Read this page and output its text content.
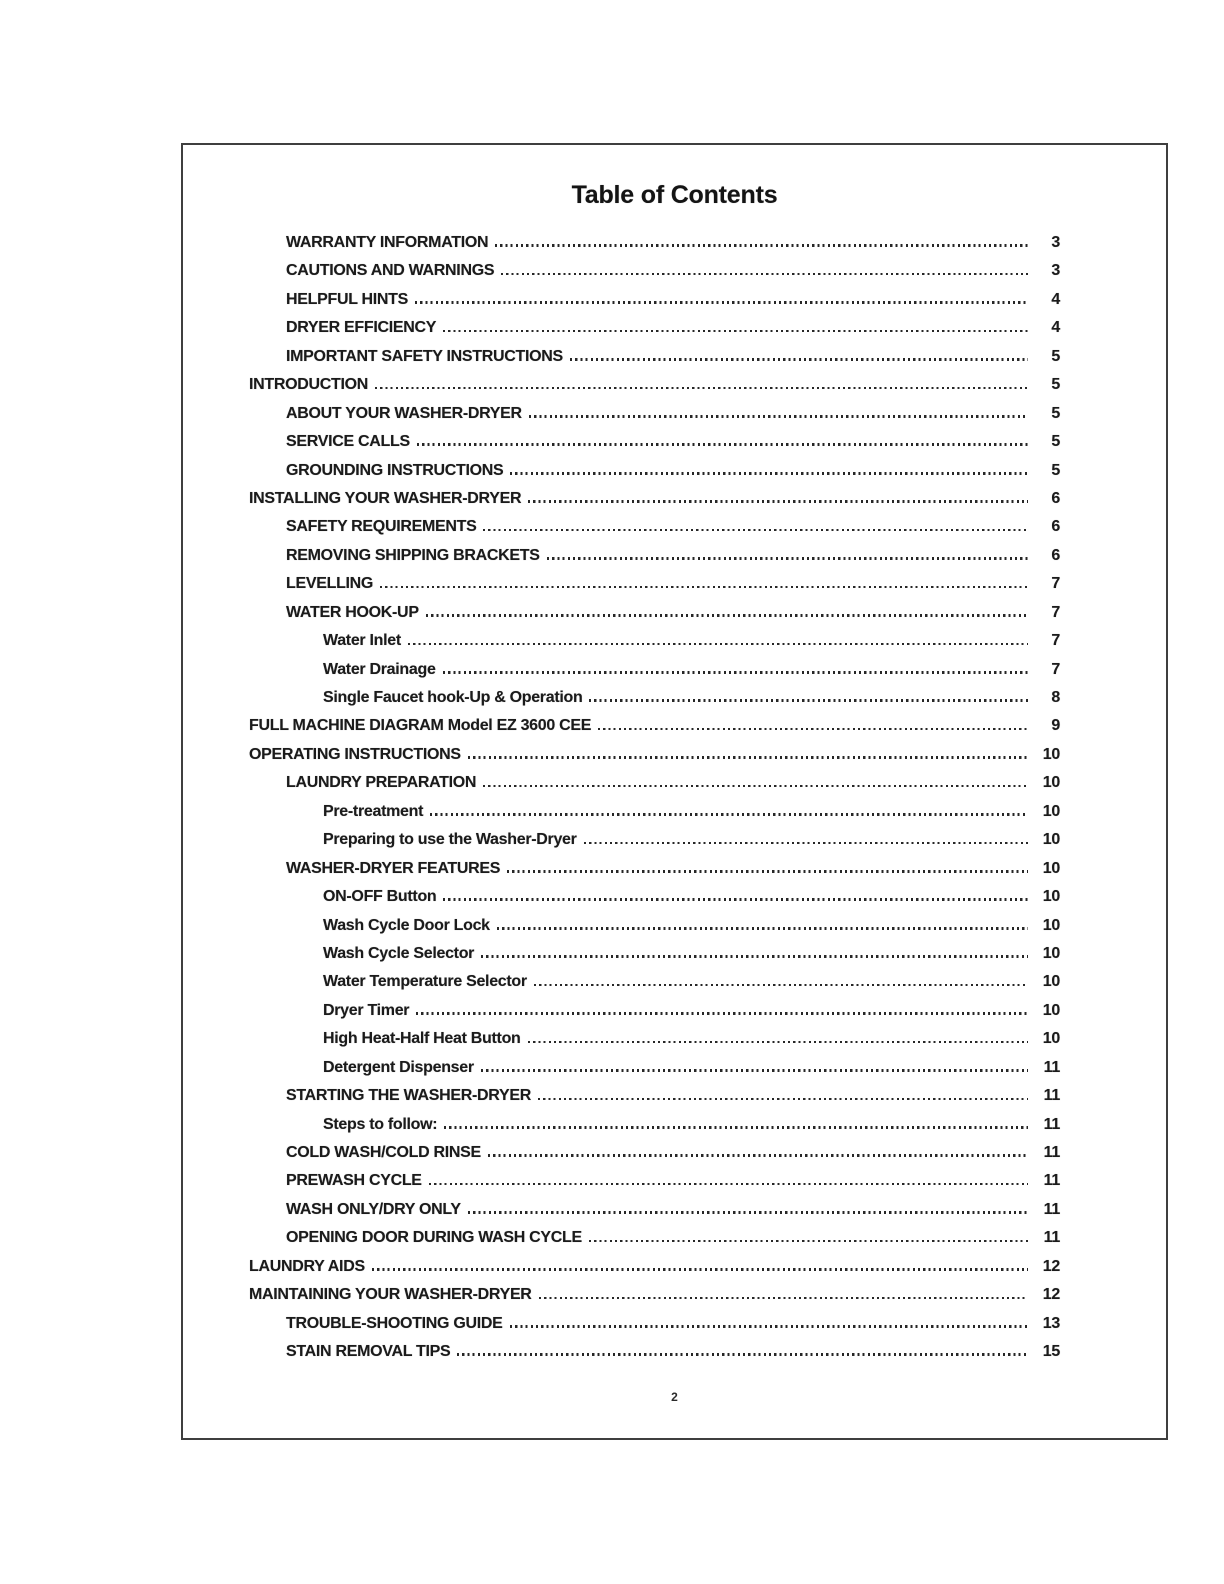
Table of Contents
WARRANTY INFORMATION	3
CAUTIONS AND WARNINGS	3
HELPFUL HINTS	4
DRYER EFFICIENCY	4
IMPORTANT SAFETY INSTRUCTIONS	5
INTRODUCTION	5
ABOUT YOUR WASHER-DRYER	5
SERVICE CALLS	5
GROUNDING INSTRUCTIONS	5
INSTALLING YOUR WASHER-DRYER	6
SAFETY REQUIREMENTS	6
REMOVING SHIPPING BRACKETS	6
LEVELLING	7
WATER HOOK-UP	7
Water Inlet	7
Water Drainage	7
Single Faucet hook-Up & Operation	8
FULL MACHINE DIAGRAM Model EZ 3600 CEE	9
OPERATING INSTRUCTIONS	10
LAUNDRY PREPARATION	10
Pre-treatment	10
Preparing to use the Washer-Dryer	10
WASHER-DRYER FEATURES	10
ON-OFF Button	10
Wash Cycle Door Lock	10
Wash Cycle Selector	10
Water Temperature Selector	10
Dryer Timer	10
High Heat-Half Heat Button	10
Detergent Dispenser	11
STARTING THE WASHER-DRYER	11
Steps to follow:	11
COLD WASH/COLD RINSE	11
PREWASH CYCLE	11
WASH ONLY/DRY ONLY	11
OPENING DOOR DURING WASH CYCLE	11
LAUNDRY AIDS	12
MAINTAINING YOUR WASHER-DRYER	12
TROUBLE-SHOOTING GUIDE	13
STAIN REMOVAL TIPS	15
2
